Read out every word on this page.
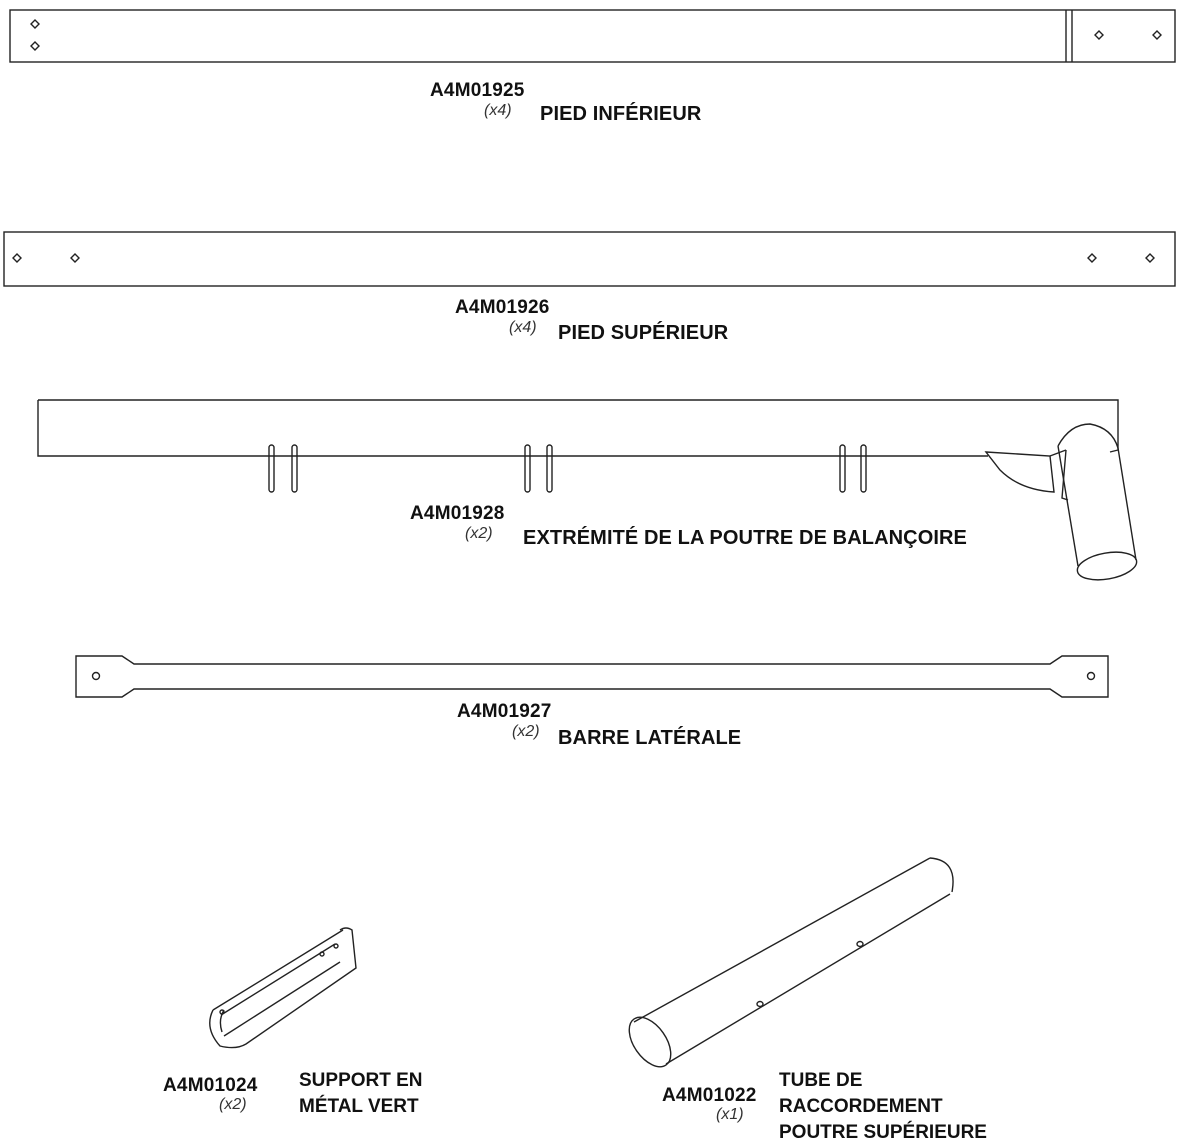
A4M01925
(x4) PIED INFÉRIEUR
A4M01926
(x4) PIED SUPÉRIEUR
A4M01928
(x2) EXTRÉMITÉ DE LA POUTRE DE BALANÇOIRE
A4M01927
(x2) BARRE LATÉRALE
A4M01024
(x2)
SUPPORT EN
MÉTAL VERT
A4M01022
(x1)
TUBE DE
RACCORDEMENT
POUTRE SUPÉRIEURE
